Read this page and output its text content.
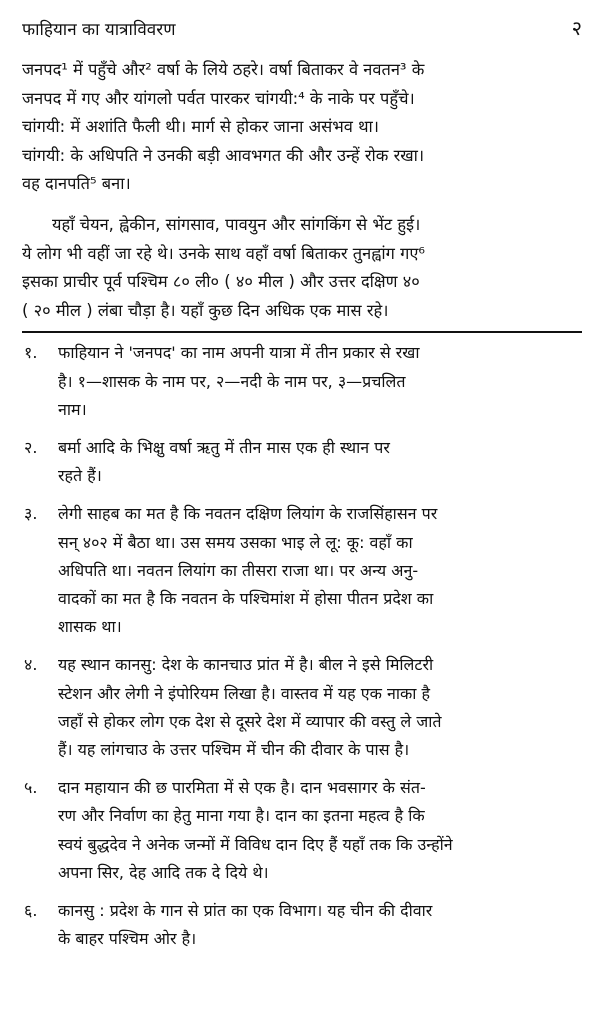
फाहियान का यात्राविवरण	२
जनपद¹ में पहुँचे और² वर्षा के लिये ठहरे। वर्षा बिताकर वे नवतन³ के
जनपद में गए और यांगलो पर्वत पारकर चांगयी:⁴ के नाके पर पहुँचे।
चांगयी: में अशांति फैली थी। मार्ग से होकर जाना असंभव था।
चांगयी: के अधिपति ने उनकी बड़ी आवभगत की और उन्हें रोक रखा।
वह दानपति⁵ बना।
यहाँ चेयन, ह्वेकीन, सांगसाव, पावयुन और सांगकिंग से भेंट हुई।
ये लोग भी वहीं जा रहे थे। उनके साथ वहाँ वर्षा बिताकर तुनह्वांग गए⁶
इसका प्राचीर पूर्व पश्चिम ८० ली० ( ४० मील ) और उत्तर दक्षिण ४०
( २० मील ) लंबा चौड़ा है। यहाँ कुछ दिन अधिक एक मास रहे।
१.	फाहियान ने 'जनपद' का नाम अपनी यात्रा में तीन प्रकार से रखा
है। १—शासक के नाम पर, २—नदी के नाम पर, ३—प्रचलित
नाम।
२.	बर्मा आदि के भिक्षु वर्षा ऋतु में तीन मास एक ही स्थान पर
रहते हैं।
३.	लेगी साहब का मत है कि नवतन दक्षिण लियांग के राजसिंहासन पर
सन् ४०२ में बैठा था। उस समय उसका भाइ ले लू: कू: वहाँ का
अधिपति था। नवतन लियांग का तीसरा राजा था। पर अन्य अनु-
वादकों का मत है कि नवतन के पश्चिमांश में होसा पीतन प्रदेश का
शासक था।
४.	यह स्थान कानसु: देश के कानचाउ प्रांत में है। बील ने इसे मिलिटरी
स्टेशन और लेगी ने इंपोरियम लिखा है। वास्तव में यह एक नाका है
जहाँ से होकर लोग एक देश से दूसरे देश में व्यापार की वस्तु ले जाते
हैं। यह लांगचाउ के उत्तर पश्चिम में चीन की दीवार के पास है।
५.	दान महायान की छ पारमिता में से एक है। दान भवसागर के संत-
रण और निर्वाण का हेतु माना गया है। दान का इतना महत्व है कि
स्वयं बुद्धदेव ने अनेक जन्मों में विविध दान दिए हैं यहाँ तक कि उन्होंने
अपना सिर, देह आदि तक दे दिये थे।
६.	कानसु : प्रदेश के गान से प्रांत का एक विभाग। यह चीन की दीवार
के बाहर पश्चिम ओर है।
